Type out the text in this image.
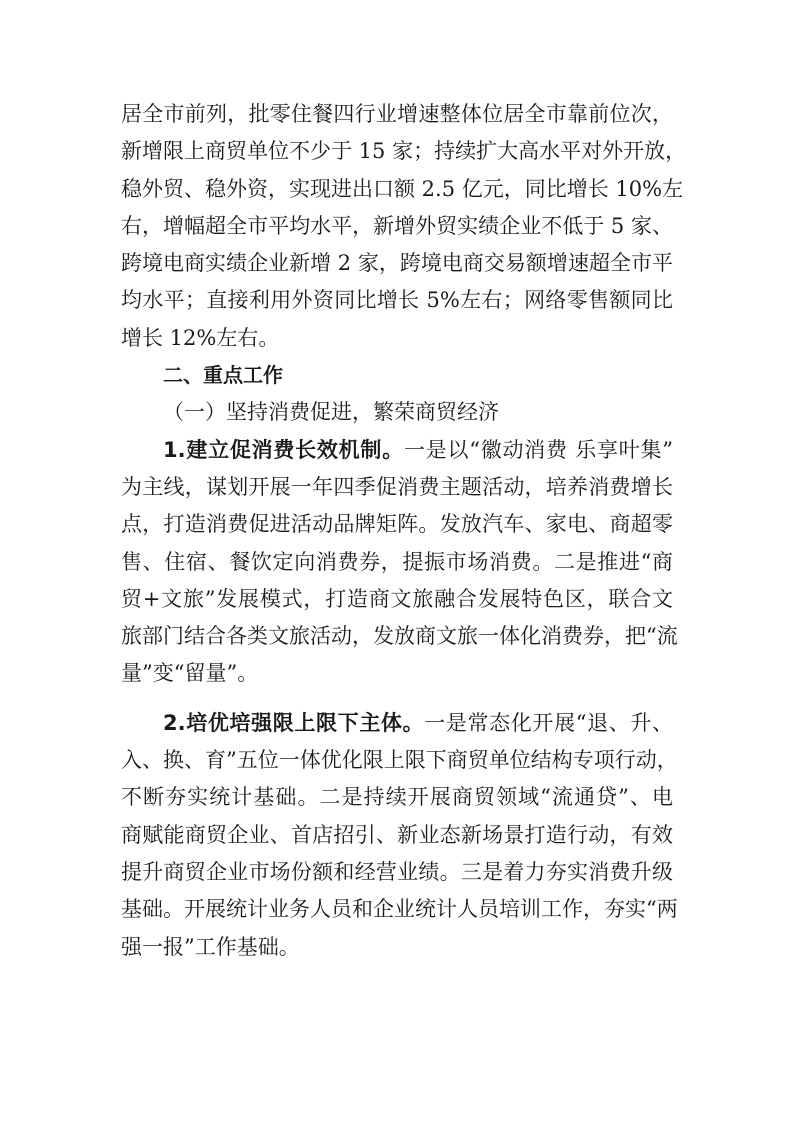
居全市前列，批零住餐四行业增速整体位居全市靠前位次，
新增限上商贸单位不少于 15 家；持续扩大高水平对外开放，
稳外贸、稳外资，实现进出口额 2.5 亿元，同比增长 10%左
右，增幅超全市平均水平，新增外贸实绩企业不低于 5 家、
跨境电商实绩企业新增 2 家，跨境电商交易额增速超全市平
均水平；直接利用外资同比增长 5%左右；网络零售额同比
增长 12%左右。
二、重点工作
（一）坚持消费促进，繁荣商贸经济
1.建立促消费长效机制。一是以“徽动消费 乐享叶集”
为主线，谋划开展一年四季促消费主题活动，培养消费增长
点，打造消费促进活动品牌矩阵。发放汽车、家电、商超零
售、住宿、餐饮定向消费券，提振市场消费。二是推进“商
贸+文旅”发展模式，打造商文旅融合发展特色区，联合文
旅部门结合各类文旅活动，发放商文旅一体化消费券，把“流
量”变“留量”。
2.培优培强限上限下主体。一是常态化开展“退、升、
入、换、育”五位一体优化限上限下商贸单位结构专项行动，
不断夯实统计基础。二是持续开展商贸领域“流通贷”、电
商赋能商贸企业、首店招引、新业态新场景打造行动，有效
提升商贸企业市场份额和经营业绩。三是着力夯实消费升级
基础。开展统计业务人员和企业统计人员培训工作，夯实“两
强一报”工作基础。
